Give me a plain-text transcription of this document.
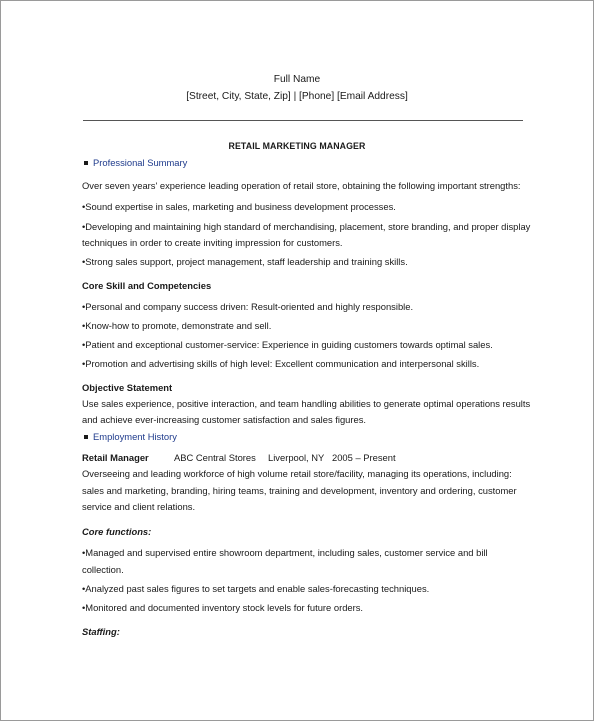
Full Name
[Street, City, State, Zip] | [Phone] [Email Address]
RETAIL MARKETING MANAGER
Professional Summary
Over seven years' experience leading operation of retail store, obtaining the following important strengths:
•Sound expertise in sales, marketing and business development processes.
•Developing and maintaining high standard of merchandising, placement, store branding, and proper display
techniques in order to create inviting impression for customers.
•Strong sales support, project management, staff leadership and training skills.
Core Skill and Competencies
•Personal and company success driven: Result-oriented and highly responsible.
•Know-how to promote, demonstrate and sell.
•Patient and exceptional customer-service: Experience in guiding customers towards optimal sales.
•Promotion and advertising skills of high level: Excellent communication and interpersonal skills.
Objective Statement
Use sales experience, positive interaction, and team handling abilities to generate optimal operations results
and achieve ever-increasing customer satisfaction and sales figures.
Employment History
Retail Manager	ABC Central Stores Liverpool, NY 2005 – Present
Overseeing and leading workforce of high volume retail store/facility, managing its operations, including:
sales and marketing, branding, hiring teams, training and development, inventory and ordering, customer
service and client relations.
Core functions:
•Managed and supervised entire showroom department, including sales, customer service and bill
collection.
•Analyzed past sales figures to set targets and enable sales-forecasting techniques.
•Monitored and documented inventory stock levels for future orders.
Staffing:
